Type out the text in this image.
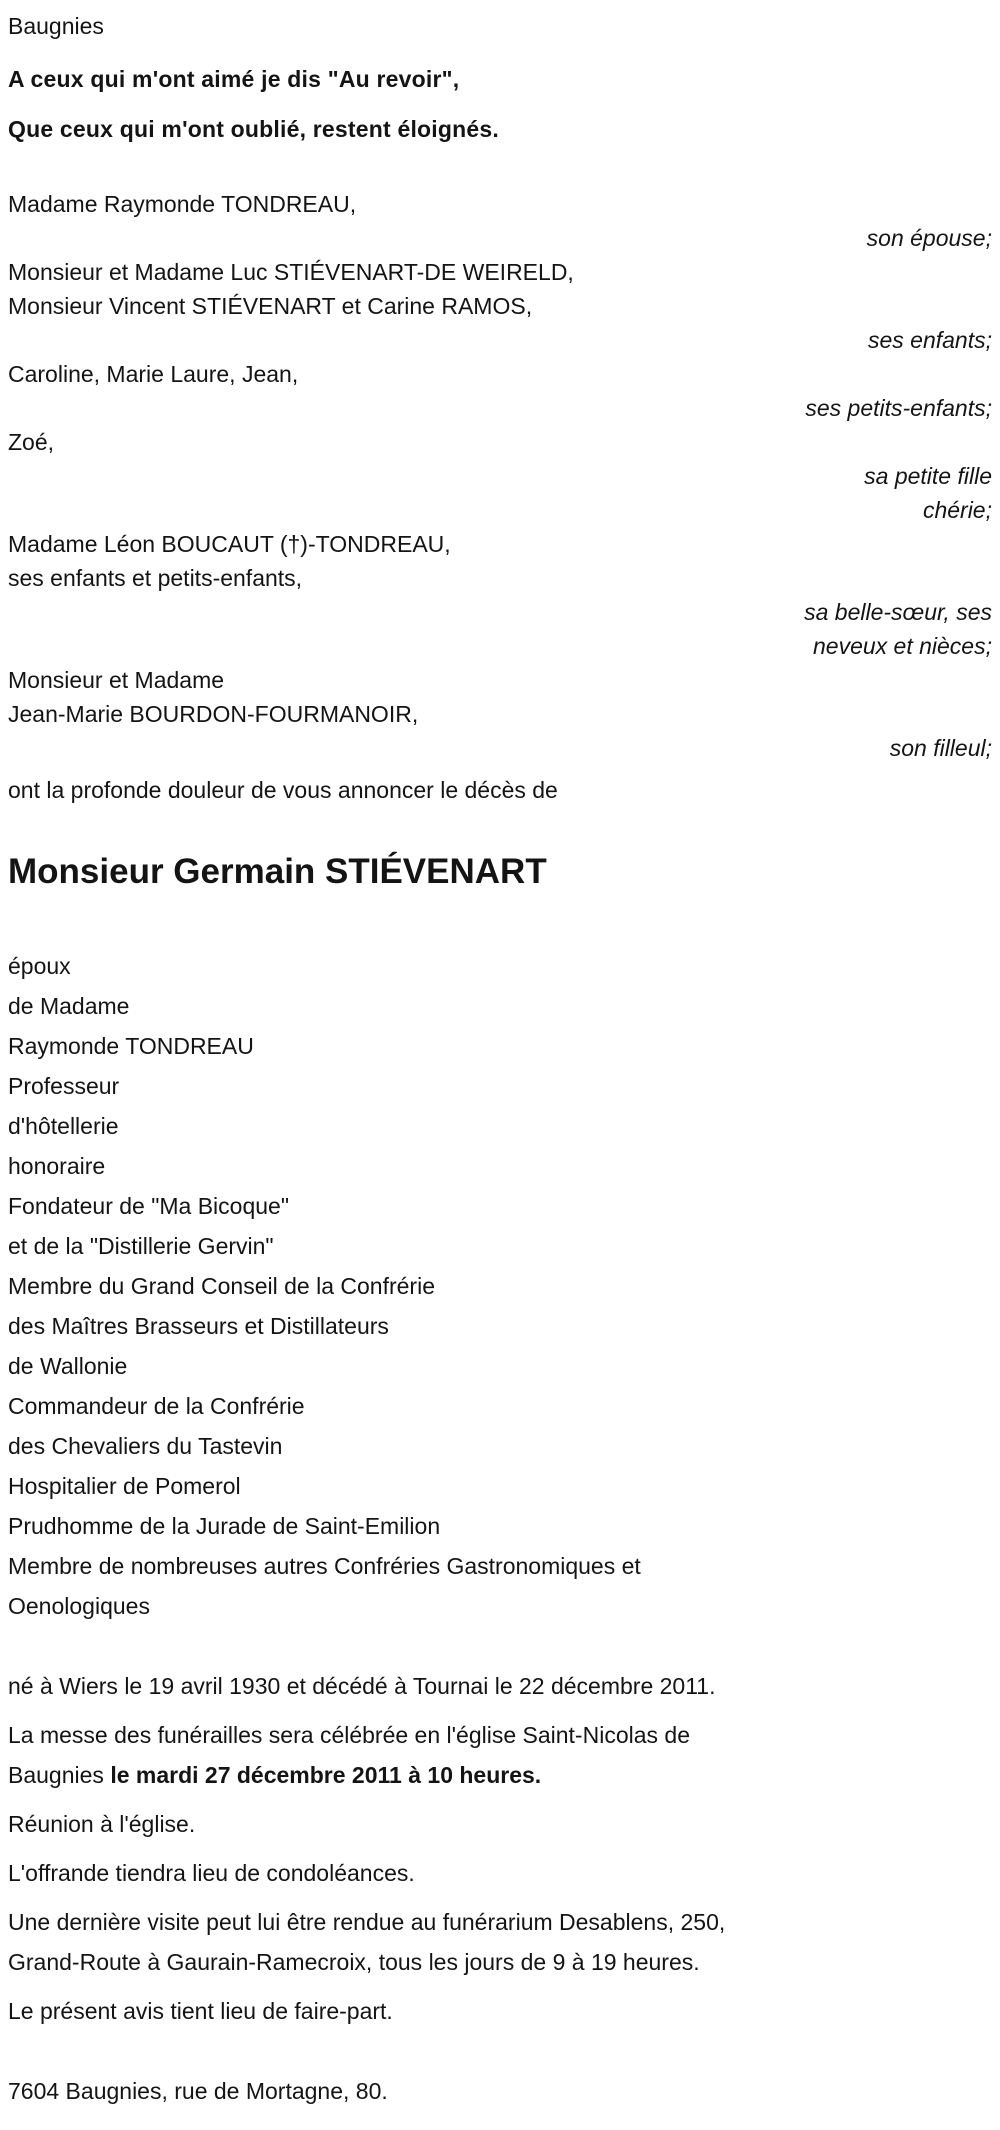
Baugnies

A ceux qui m'ont aimé je dis "Au revoir",

Que ceux qui m'ont oublié, restent éloignés.

Madame Raymonde TONDREAU,

son épouse;

Monsieur et Madame Luc STIÉVENART-DE WEIRELD,

Monsieur Vincent STIÉVENART et Carine RAMOS,

ses enfants;

Caroline, Marie Laure, Jean,

ses petits-enfants;

Zoé,

sa petite fille

chérie;

Madame Léon BOUCAUT (†)-TONDREAU,

ses enfants et petits-enfants,

sa belle-sœur, ses

neveux et nièces;

Monsieur et Madame

Jean-Marie BOURDON-FOURMANOIR,

son filleul;

ont la profonde douleur de vous annoncer le décès de

Monsieur Germain STIÉVENART

époux

de Madame

Raymonde TONDREAU

Professeur

d'hôtellerie

honoraire

Fondateur de "Ma Bicoque"

et de la "Distillerie Gervin"

Membre du Grand Conseil de la Confrérie

des Maîtres Brasseurs et Distillateurs

de Wallonie

Commandeur de la Confrérie

des Chevaliers du Tastevin

Hospitalier de Pomerol

Prudhomme de la Jurade de Saint-Emilion

Membre de nombreuses autres Confréries Gastronomiques et

Oenologiques

né à Wiers le 19 avril 1930 et décédé à Tournai le 22 décembre 2011.

La messe des funérailles sera célébrée en l'église Saint-Nicolas de
Baugnies le mardi 27 décembre 2011 à 10 heures.

Réunion à l'église.

L'offrande tiendra lieu de condoléances.

Une dernière visite peut lui être rendue au funérarium Desablens, 250,
Grand-Route à Gaurain-Ramecroix, tous les jours de 9 à 19 heures.

Le présent avis tient lieu de faire-part.

7604 Baugnies, rue de Mortagne, 80.
